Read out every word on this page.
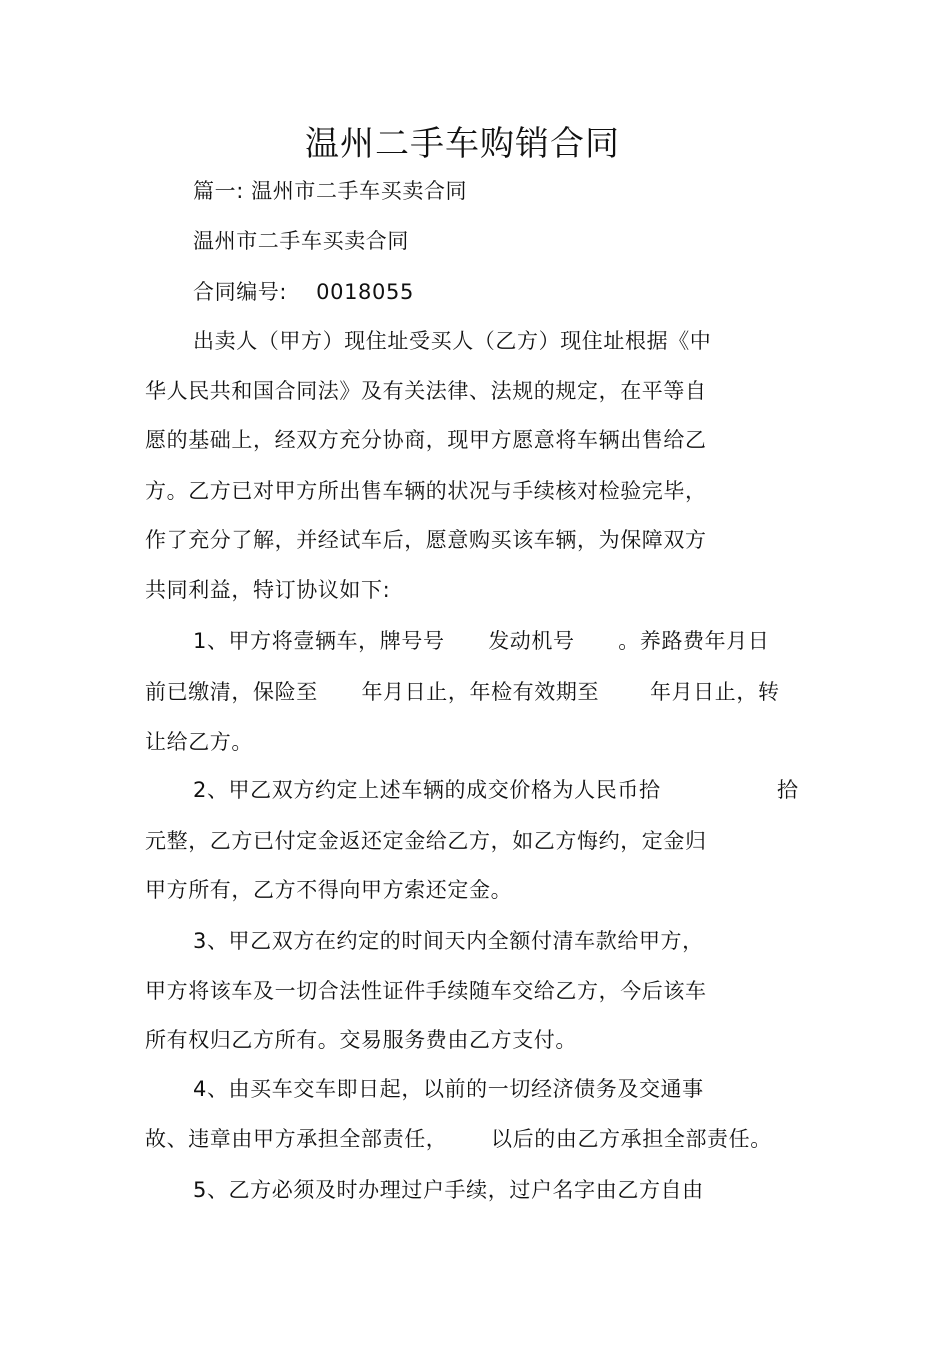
温州二手车购销合同
篇一: 温州市二手车买卖合同
温州市二手车买卖合同
合同编号:    0018055
出卖人（甲方）现住址受买人（乙方）现住址根据《中
华人民共和国合同法》及有关法律、法规的规定，在平等自
愿的基础上，经双方充分协商，现甲方愿意将车辆出售给乙
方。乙方已对甲方所出售车辆的状况与手续核对检验完毕，
作了充分了解，并经试车后，愿意购买该车辆，为保障双方
共同利益，特订协议如下:
1、甲方将壹辆车，牌号号      发动机号      。养路费年月日
前已缴清，保险至      年月日止，年检有效期至       年月日止，转
让给乙方。
2、甲乙双方约定上述车辆的成交价格为人民币拾                拾
元整，乙方已付定金返还定金给乙方，如乙方悔约，定金归
甲方所有，乙方不得向甲方索还定金。
3、甲乙双方在约定的时间天内全额付清车款给甲方，
甲方将该车及一切合法性证件手续随车交给乙方，今后该车
所有权归乙方所有。交易服务费由乙方支付。
4、由买车交车即日起，以前的一切经济债务及交通事
故、违章由甲方承担全部责任，      以后的由乙方承担全部责任。
5、乙方必须及时办理过户手续，过户名字由乙方自由
